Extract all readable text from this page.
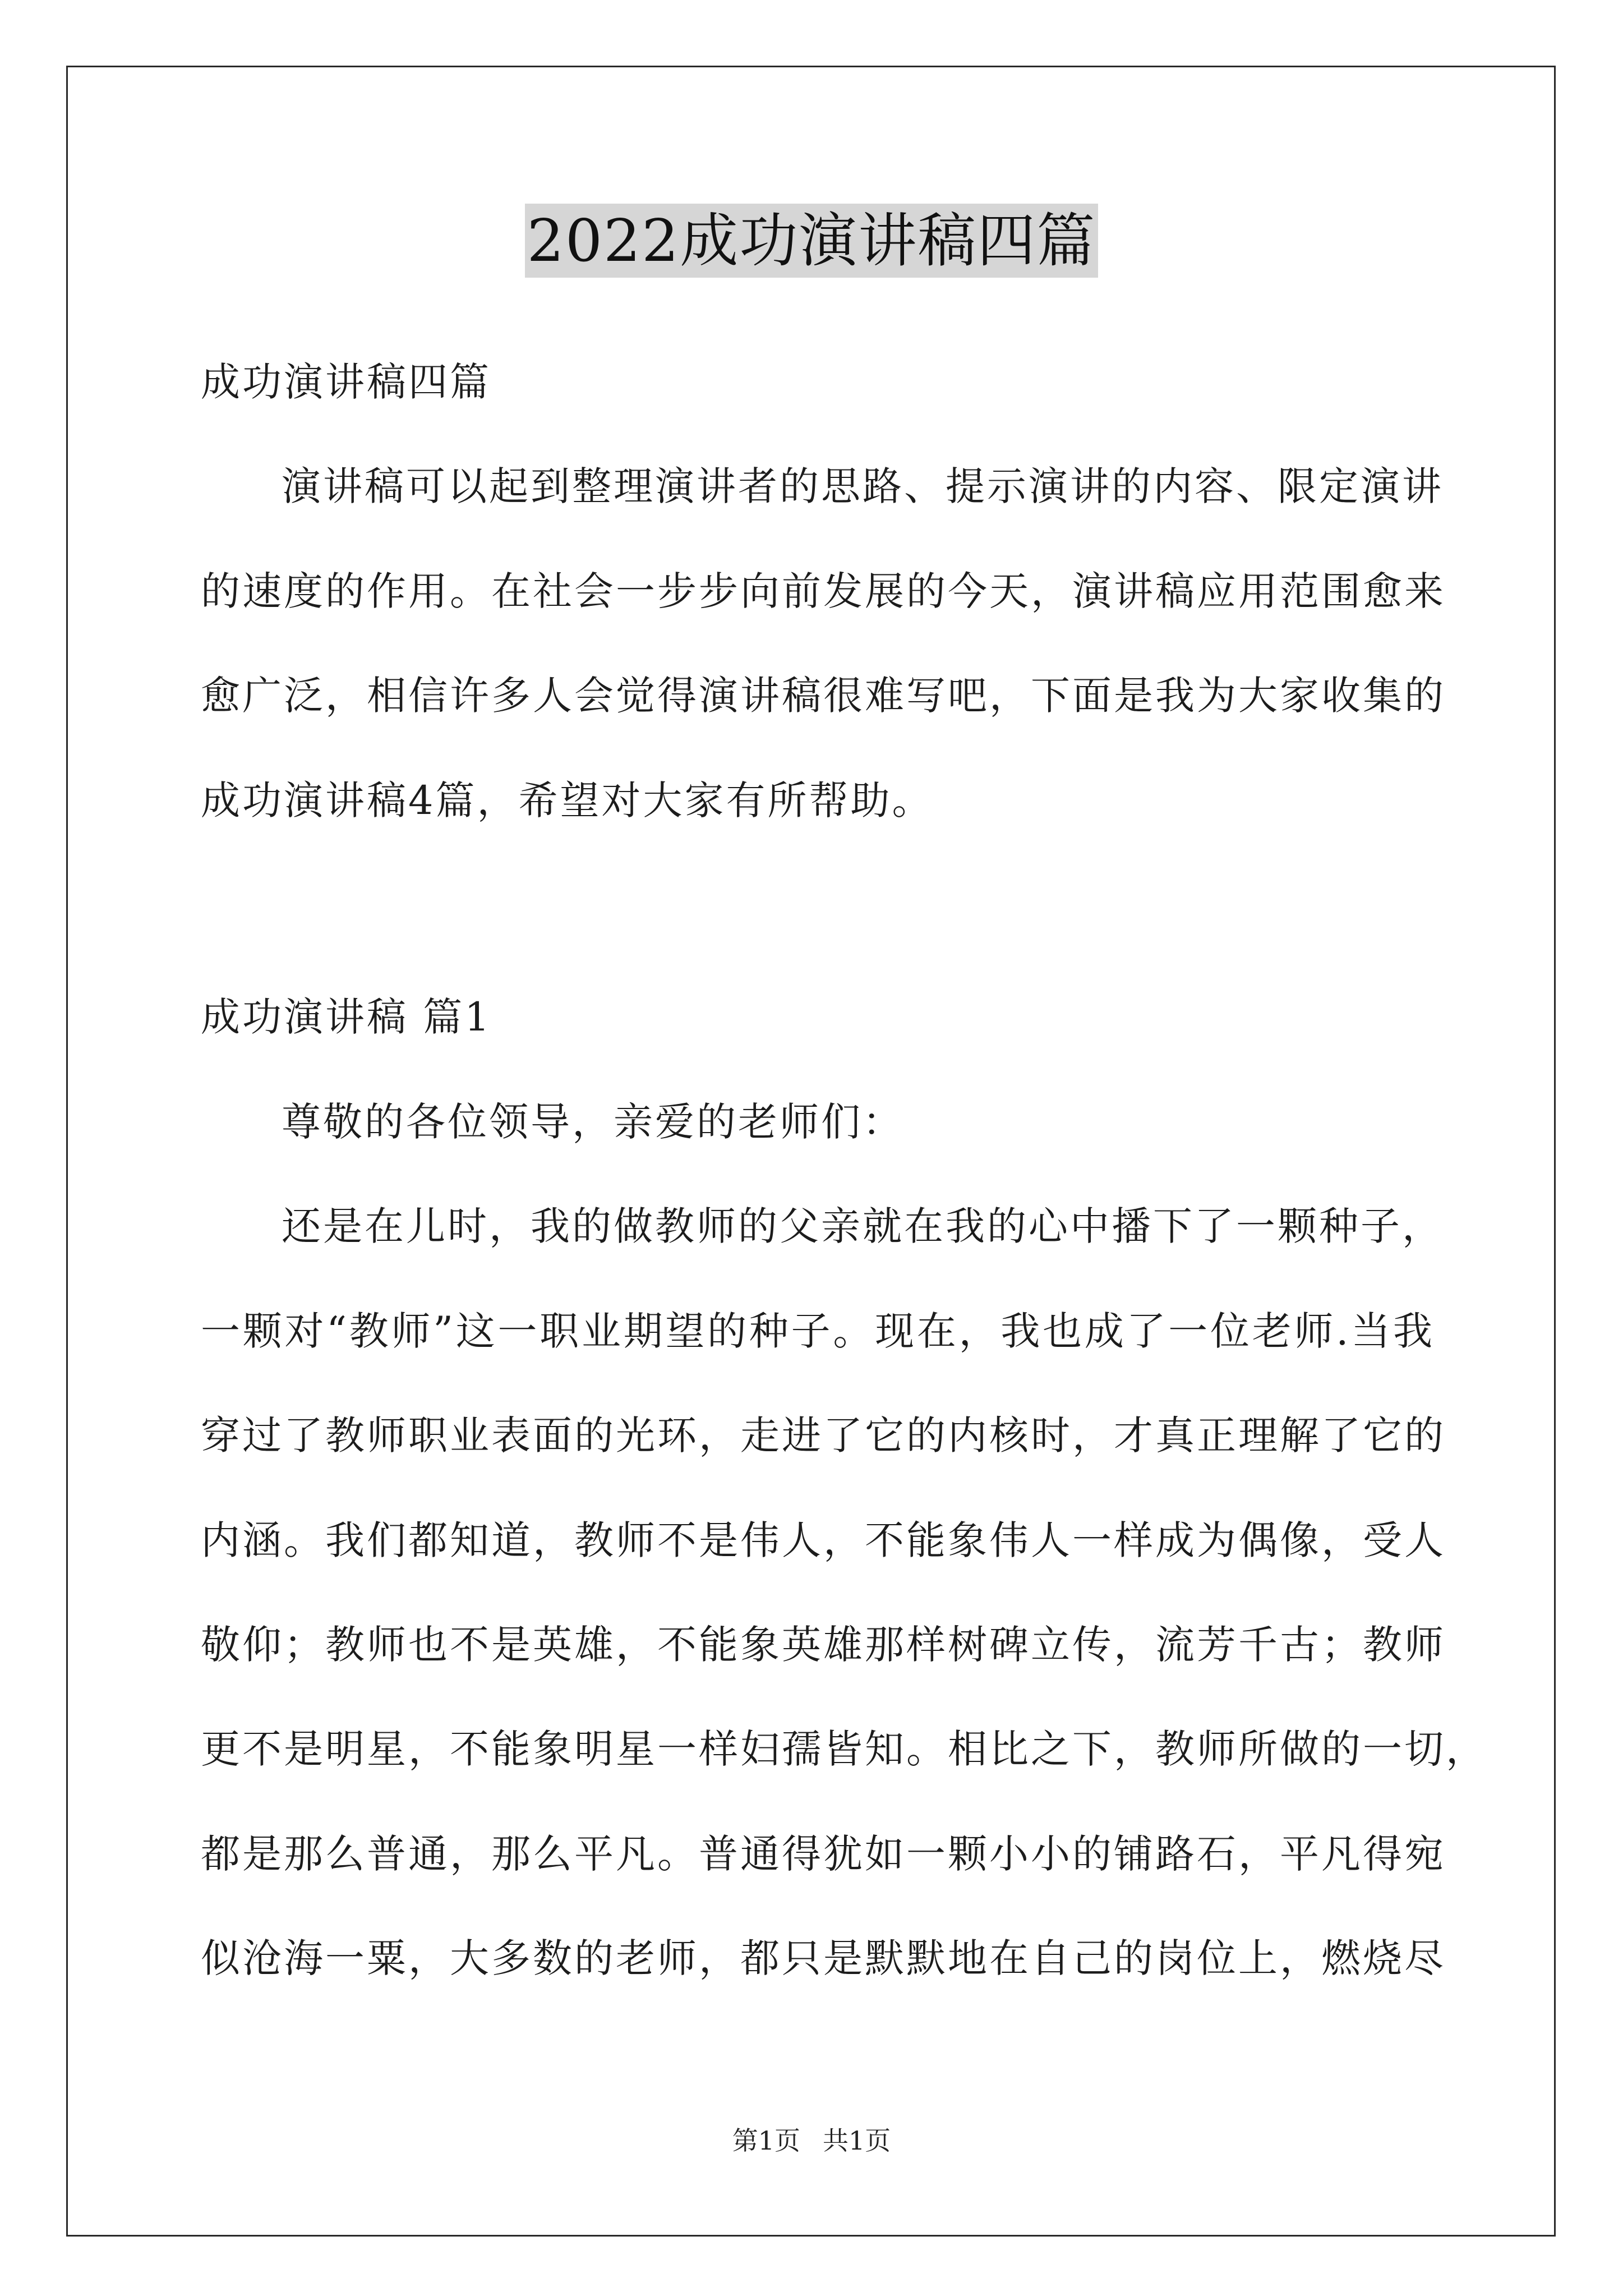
2022成功演讲稿四篇
成功演讲稿四篇
演讲稿可以起到整理演讲者的思路、提示演讲的内容、限定演讲
的速度的作用。在社会一步步向前发展的今天，演讲稿应用范围愈来
愈广泛，相信许多人会觉得演讲稿很难写吧，下面是我为大家收集的
成功演讲稿4篇，希望对大家有所帮助。
成功演讲稿 篇1
尊敬的各位领导，亲爱的老师们：
还是在儿时，我的做教师的父亲就在我的心中播下了一颗种子，
一颗对“教师”这一职业期望的种子。现在，我也成了一位老师.当我
穿过了教师职业表面的光环，走进了它的内核时，才真正理解了它的
内涵。我们都知道，教师不是伟人，不能象伟人一样成为偶像，受人
敬仰；教师也不是英雄，不能象英雄那样树碑立传，流芳千古；教师
更不是明星，不能象明星一样妇孺皆知。相比之下，教师所做的一切，
都是那么普通，那么平凡。普通得犹如一颗小小的铺路石，平凡得宛
似沧海一粟，大多数的老师，都只是默默地在自己的岗位上，燃烧尽
第1页 共1页
